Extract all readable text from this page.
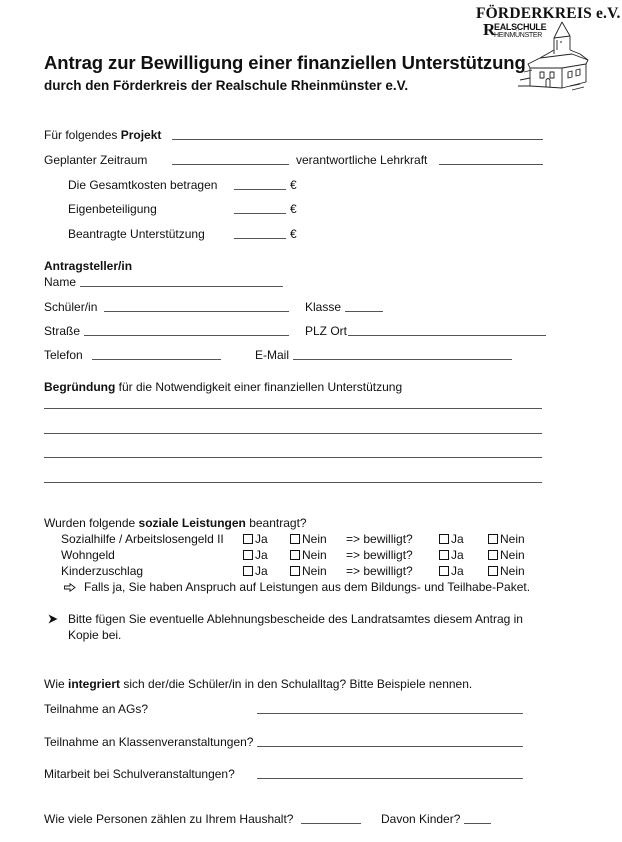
FÖRDERKREIS e.V.
R
EALSCHULE
HEINMÜNSTER
Antrag zur Bewilligung einer finanziellen Unterstützung
durch den Förderkreis der Realschule Rheinmünster e.V.
Für folgendes Projekt
Geplanter Zeitraum	verantwortliche Lehrkraft
Die Gesamtkosten betragen	€
Eigenbeteiligung	€
Beantragte Unterstützung	€
Antragsteller/in
Name
Schüler/in	Klasse
Straße	PLZ Ort
Telefon	E-Mail
Begründung für die Notwendigkeit einer finanziellen Unterstützung
Wurden folgende soziale Leistungen beantragt?
Sozialhilfe / Arbeitslosengeld II	Ja	Nein => bewilligt?	Ja	Nein
Wohngeld	Ja	Nein => bewilligt?	Ja	Nein
Kinderzuschlag	Ja	Nein => bewilligt?	Ja	Nein
Falls ja, Sie haben Anspruch auf Leistungen aus dem Bildungs- und Teilhabe-Paket.
Bitte fügen Sie eventuelle Ablehnungsbescheide des Landratsamtes diesem Antrag in
Kopie bei.
Wie integriert sich der/die Schüler/in in den Schulalltag? Bitte Beispiele nennen.
Teilnahme an AGs?
Teilnahme an Klassenveranstaltungen?
Mitarbeit bei Schulveranstaltungen?
Wie viele Personen zählen zu Ihrem Haushalt?	Davon Kinder?
